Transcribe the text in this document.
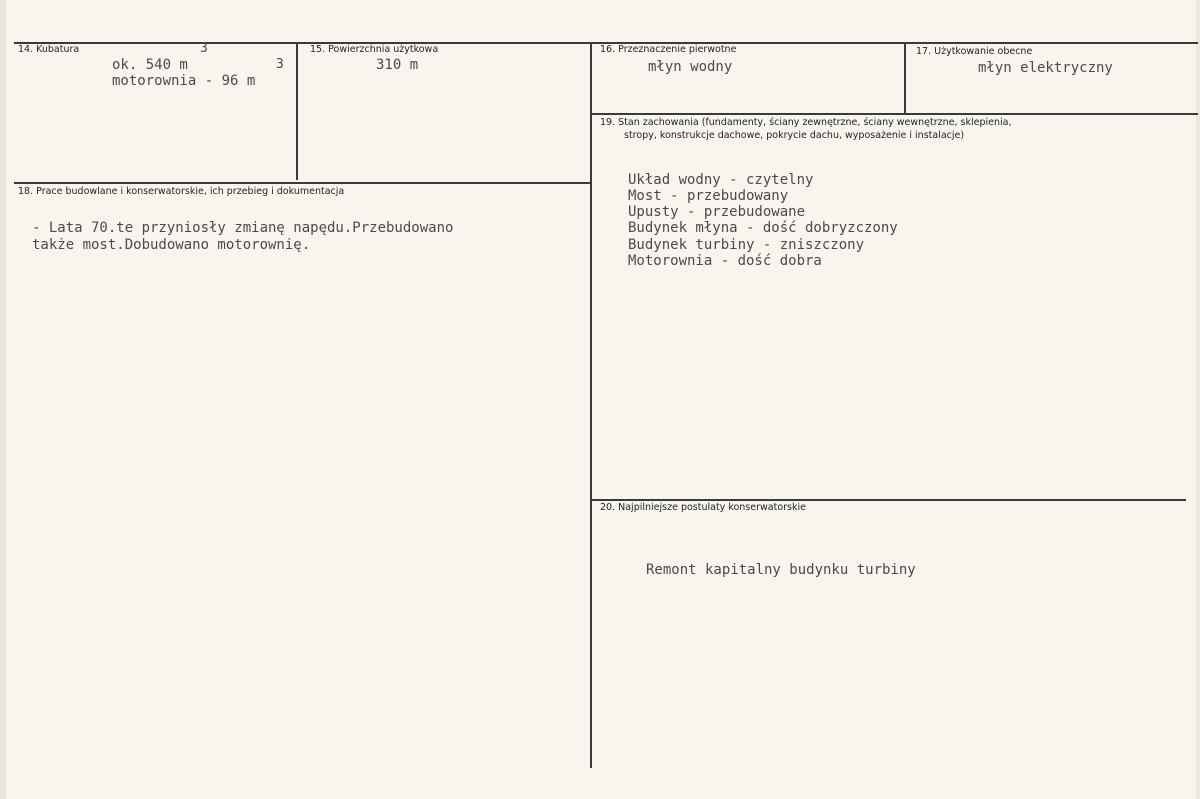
14. Kubatura	3
ok. 540 m	3
motorownia - 96 m
15. Powierzchnia użytkowa
310 m
16. Przeznaczenie pierwotne
młyn wodny
17. Użytkowanie obecne
młyn elektryczny
18. Prace budowlane i konserwatorskie, ich przebieg i dokumentacja
- Lata 70.te przyniosły zmianę napędu.Przebudowano
także most.Dobudowano motorownię.
19. Stan zachowania (fundamenty, ściany zewnętrzne, ściany wewnętrzne, sklepienia,
stropy, konstrukcje dachowe, pokrycie dachu, wyposażenie i instalacje)
Układ wodny - czytelny
Most - przebudowany
Upusty - przebudowane
Budynek młyna - dość dobryzczony
Budynek turbiny - zniszczony
Motorownia - dość dobra
20. Najpilniejsze postulaty konserwatorskie
Remont kapitalny budynku turbiny
